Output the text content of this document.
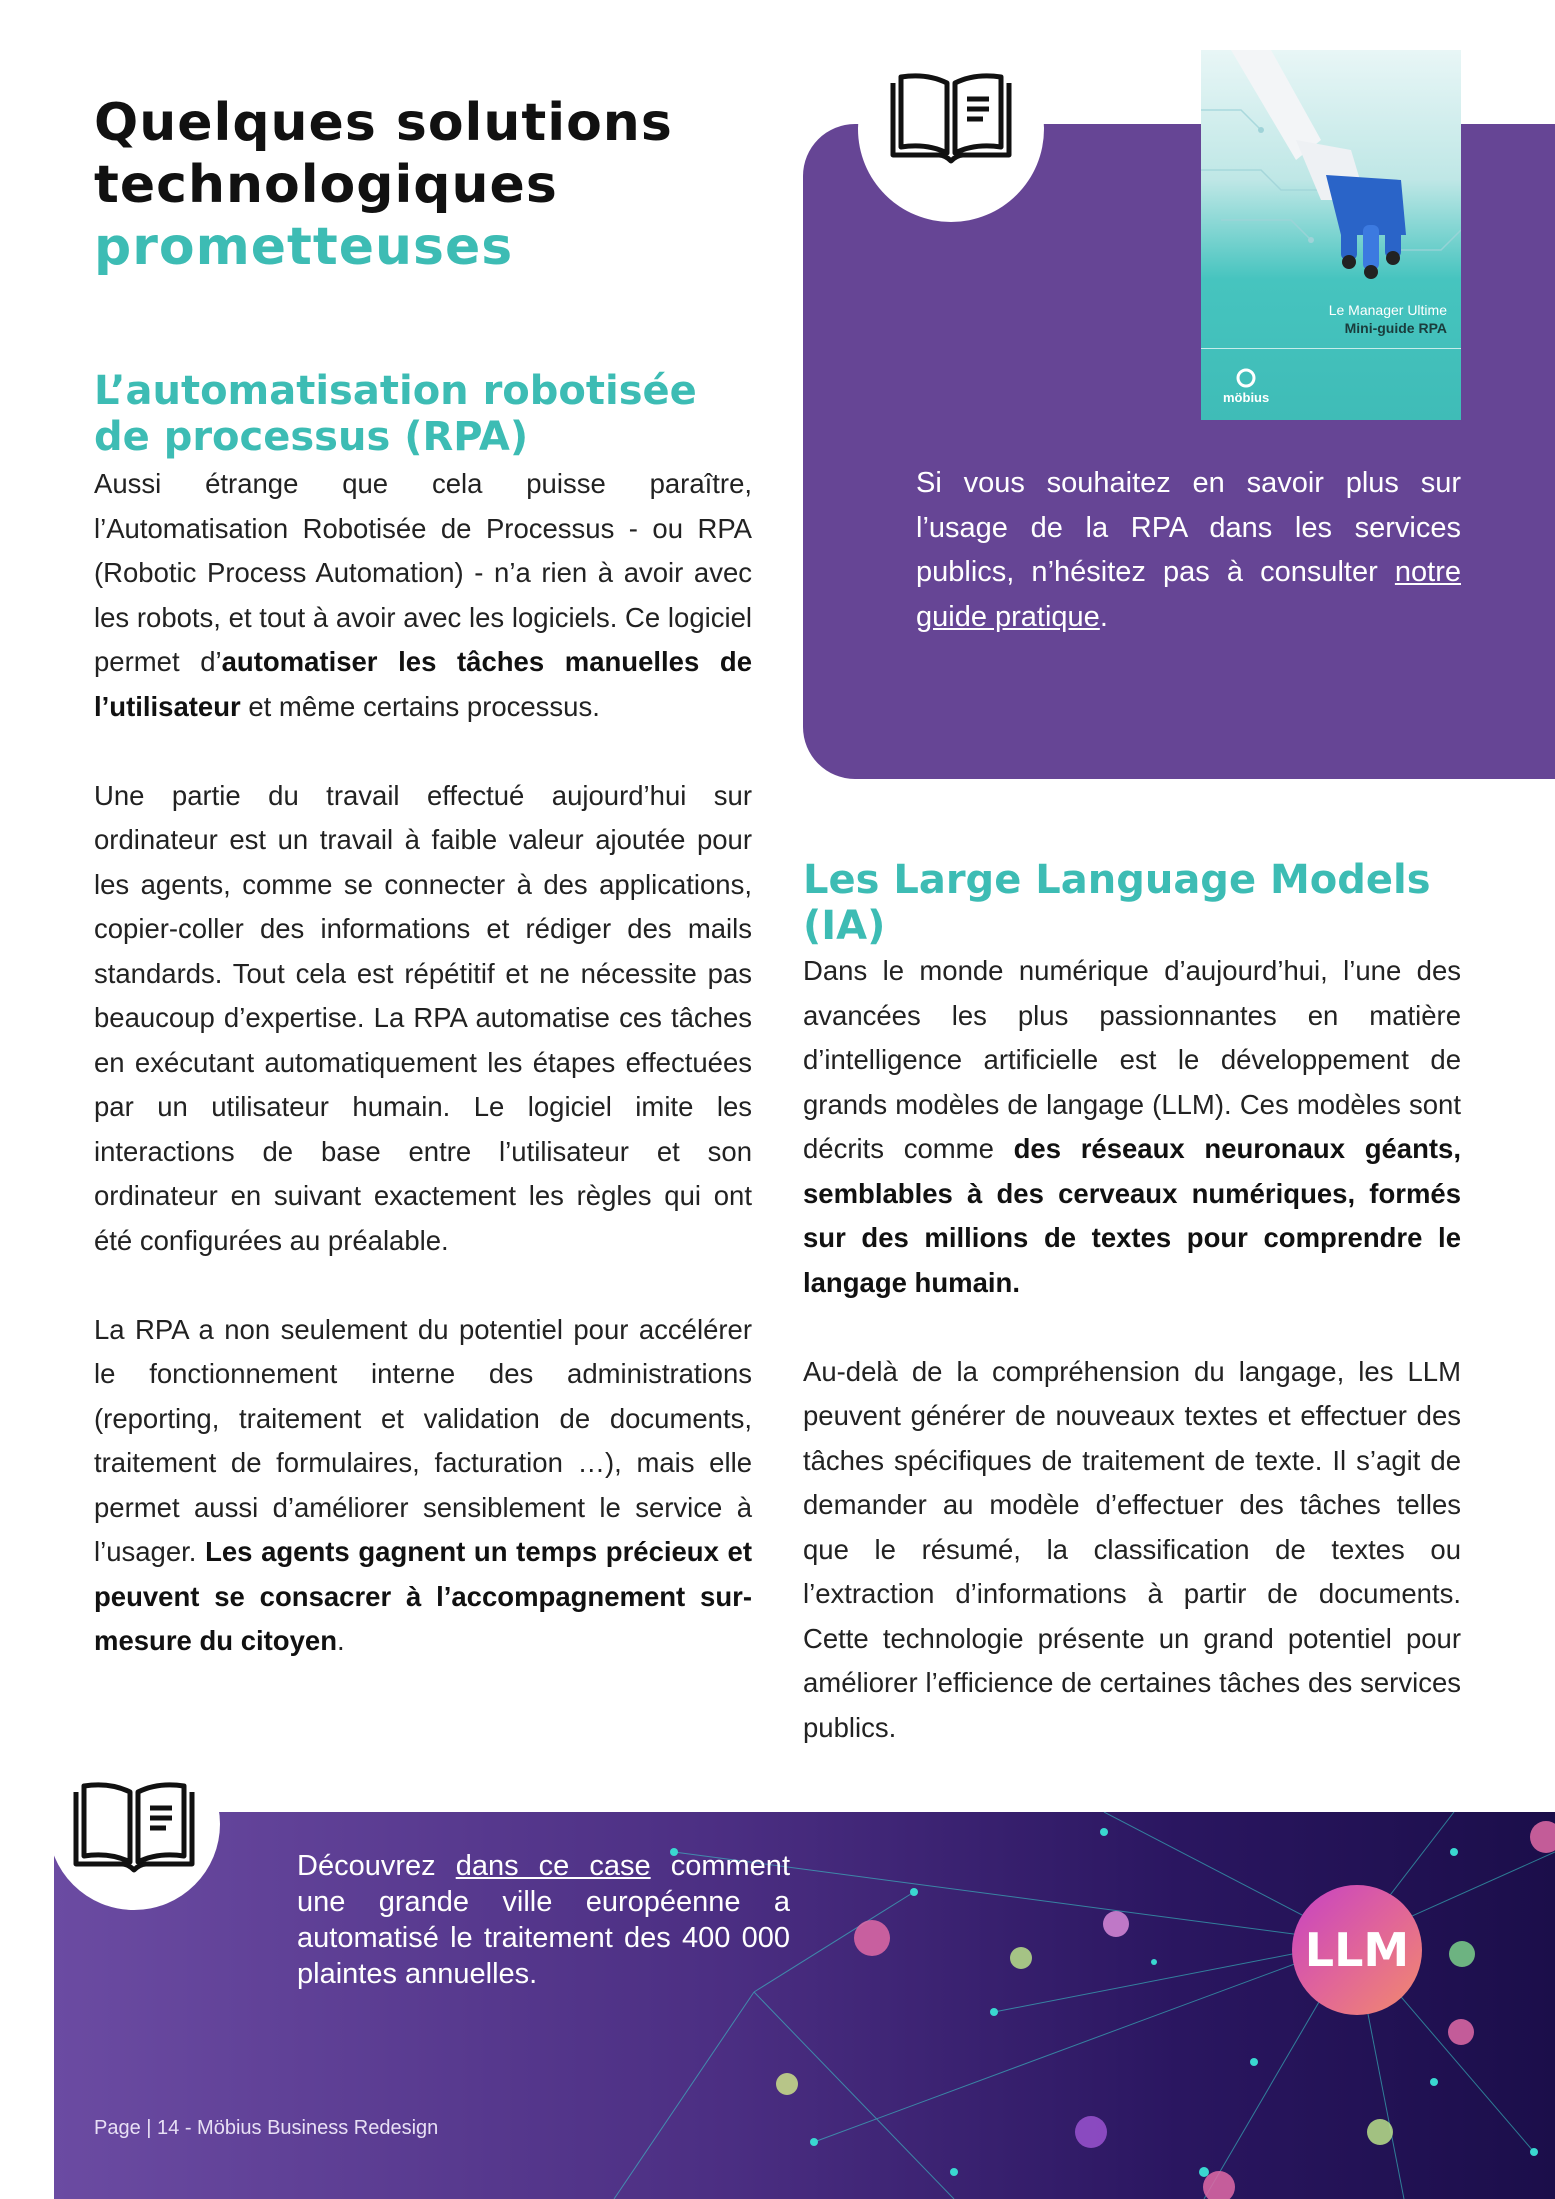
Quelques solutions
technologiques
prometteuses
L’automatisation robotisée de processus (RPA)

Aussi étrange que cela puisse paraître, l’Automatisation Robotisée de Processus - ou RPA (Robotic Process Automation) - n’a rien à avoir avec les robots, et tout à avoir avec les logiciels. Ce logiciel permet d’automatiser les tâches manuelles de l’utilisateur et même certains processus.

Une partie du travail effectué aujourd’hui sur ordinateur est un travail à faible valeur ajoutée pour les agents, comme se connecter à des applications, copier-coller des informations et rédiger des mails standards. Tout cela est répétitif et ne nécessite pas beaucoup d’expertise. La RPA automatise ces tâches en exécutant automatiquement les étapes effectuées par un utilisateur humain. Le logiciel imite les interactions de base entre l’utilisateur et son ordinateur en suivant exactement les règles qui ont été configurées au préalable.

La RPA a non seulement du potentiel pour accélérer le fonctionnement interne des administrations (reporting, traitement et validation de documents, traitement de formulaires, facturation …), mais elle permet aussi d’améliorer sensiblement le service à l’usager. Les agents gagnent un temps précieux et peuvent se consacrer à l’accompagnement sur-mesure du citoyen.

Le Manager Ultime
Mini-guide RPA
möbius

Si vous souhaitez en savoir plus sur l’usage de la RPA dans les services publics, n’hésitez pas à consulter notre guide pratique.

Les Large Language Models (IA)

Dans le monde numérique d’aujourd’hui, l’une des avancées les plus passionnantes en matière d’intelligence artificielle est le développement de grands modèles de langage (LLM). Ces modèles sont décrits comme des réseaux neuronaux géants, semblables à des cerveaux numériques, formés sur des millions de textes pour comprendre le langage humain.

Au-delà de la compréhension du langage, les LLM peuvent générer de nouveaux textes et effectuer des tâches spécifiques de traitement de texte. Il s’agit de demander au modèle d’effectuer des tâches telles que le résumé, la classification de textes ou l’extraction d’informations à partir de documents. Cette technologie présente un grand potentiel pour améliorer l’efficience de certaines tâches des services publics.

Découvrez dans ce case comment une grande ville européenne a automatisé le traitement des 400 000 plaintes annuelles.	LLM
Page | 14 - Möbius Business Redesign
